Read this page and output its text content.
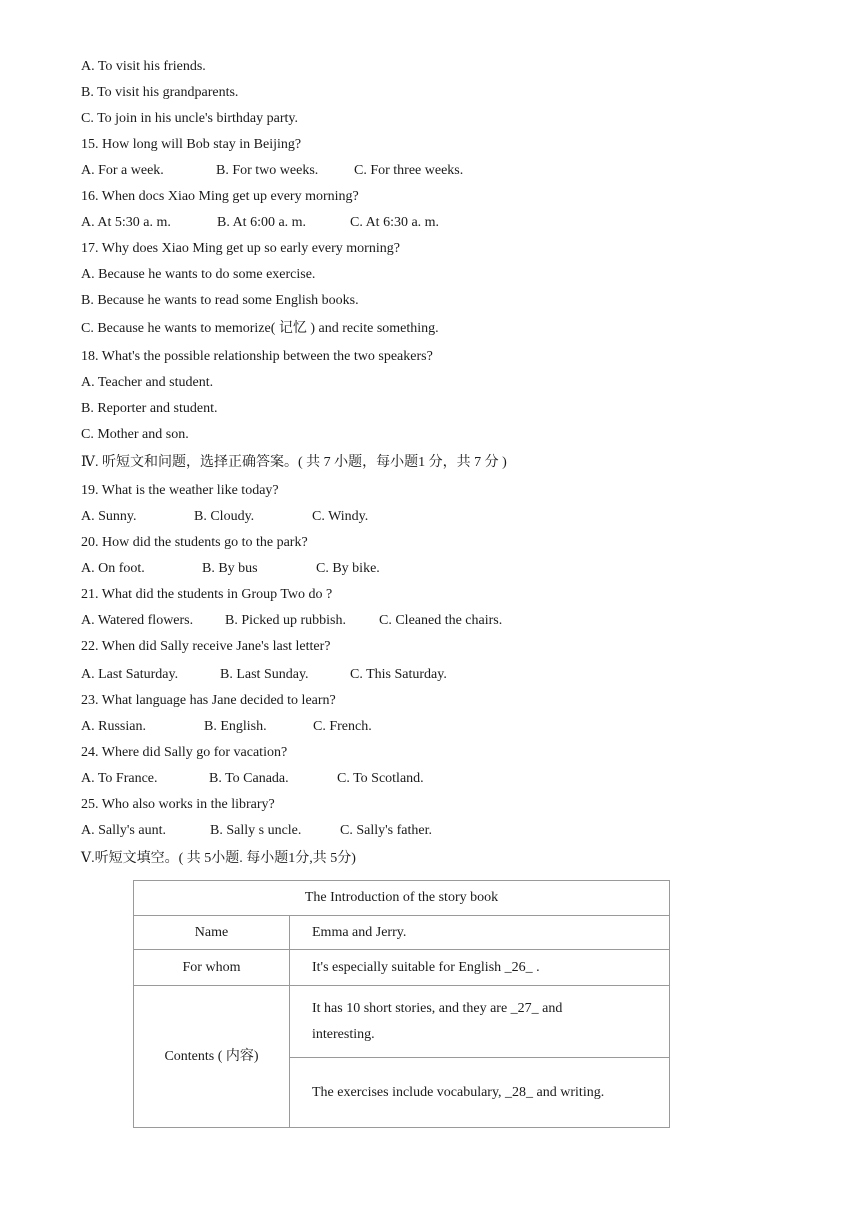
A. To visit his friends.
B. To visit his grandparents.
C. To join in his uncle's birthday party.
15. How long will Bob stay in Beijing?
A. For a week.	B. For two weeks.	C. For three weeks.
16. When docs Xiao Ming get up every morning?
A. At 5:30 a. m.	B. At 6:00 a. m.	C. At 6:30 a. m.
17. Why does Xiao Ming get up so early every morning?
A. Because he wants to do some exercise.
B. Because he wants to read some English books.
C. Because he wants to memorize( 记忆 ) and recite something.
18. What's the possible relationship between the two speakers?
A. Teacher and student.
B. Reporter and student.
C. Mother and son.
Ⅳ. 听短文和问题，选择正确答案。( 共 7 小题，每小题1 分，共 7 分 )
19. What is the weather like today?
A. Sunny.	B. Cloudy.	C. Windy.
20. How did the students go to the park?
A. On foot.	B. By bus	C. By bike.
21. What did the students in Group Two do ?
A. Watered flowers. B. Picked up rubbish. C. Cleaned the chairs.
22. When did Sally receive Jane's last letter?
A. Last Saturday.	B. Last Sunday.	C. This Saturday.
23. What language has Jane decided to learn?
A. Russian.	B. English.	C. French.
24. Where did Sally go for vacation?
A. To France.	B. To Canada.	C. To Scotland.
25. Who also works in the library?
A. Sally's aunt.	B. Sally s uncle.	C. Sally's father.
Ⅴ.听短文填空。( 共 5小题. 每小题1分,共 5分)
The Introduction of the story book	
Name	Emma and Jerry.
For whom	It's especially suitable for English _26_ .
Contents ( 内容)	It has 10 short stories, and they are _27_ and interesting.
	The exercises include vocabulary, _28_ and writing.
